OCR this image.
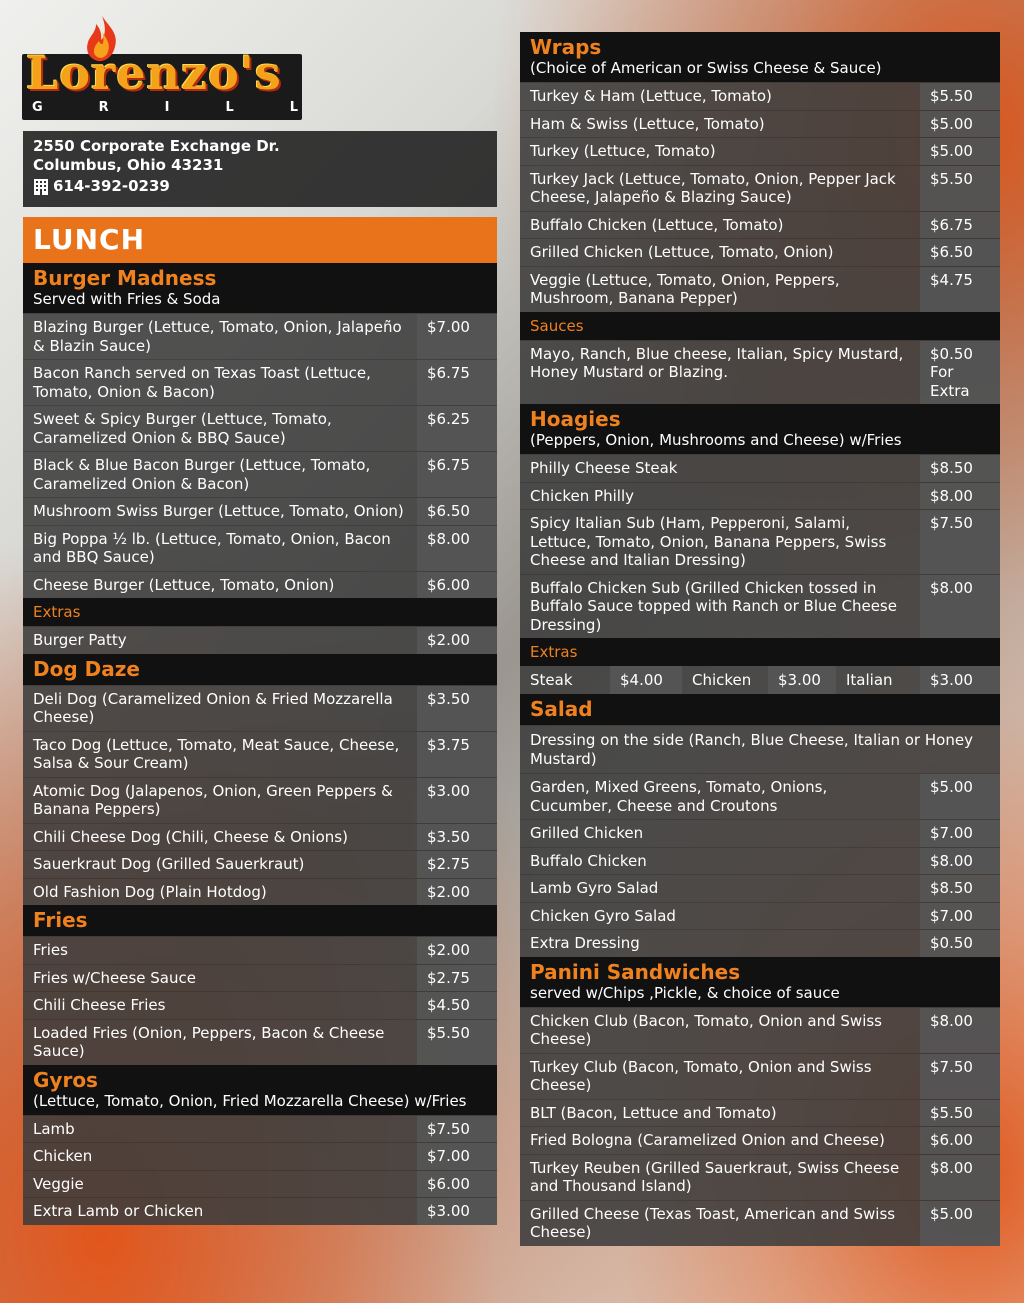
Lorenzo's
G	R	I	L	L
2550 Corporate Exchange Dr.
Columbus, Ohio 43231
614-392-0239
LUNCH
Burger Madness
Served with Fries & Soda
Blazing Burger (Lettuce, Tomato, Onion, Jalapeño & Blazin Sauce)
$7.00
Bacon Ranch served on Texas Toast (Lettuce, Tomato, Onion & Bacon)
$6.75
Sweet & Spicy Burger (Lettuce, Tomato, Caramelized Onion & BBQ Sauce)
$6.25
Black & Blue Bacon Burger (Lettuce, Tomato, Caramelized Onion & Bacon)
$6.75
Mushroom Swiss Burger (Lettuce, Tomato, Onion)	$6.50
Big Poppa ½ lb. (Lettuce, Tomato, Onion, Bacon and BBQ Sauce)
$8.00
Cheese Burger (Lettuce, Tomato, Onion)	$6.00
Extras
Burger Patty	$2.00
Dog Daze
Deli Dog (Caramelized Onion & Fried Mozzarella Cheese)
$3.50
Taco Dog (Lettuce, Tomato, Meat Sauce, Cheese, Salsa & Sour Cream)
$3.75
Atomic Dog (Jalapenos, Onion, Green Peppers & Banana Peppers)
$3.00
Chili Cheese Dog (Chili, Cheese & Onions)	$3.50
Sauerkraut Dog (Grilled Sauerkraut)	$2.75
Old Fashion Dog (Plain Hotdog)	$2.00
Fries
Fries	$2.00
Fries w/Cheese Sauce	$2.75
Chili Cheese Fries	$4.50
Loaded Fries (Onion, Peppers, Bacon & Cheese Sauce)
$5.50
Gyros
(Lettuce, Tomato, Onion, Fried Mozzarella Cheese) w/Fries
Lamb	$7.50
Chicken	$7.00
Veggie	$6.00
Extra Lamb or Chicken	$3.00
Wraps
(Choice of American or Swiss Cheese & Sauce)
Turkey & Ham (Lettuce, Tomato)	$5.50
Ham & Swiss (Lettuce, Tomato)	$5.00
Turkey (Lettuce, Tomato)	$5.00
Turkey Jack (Lettuce, Tomato, Onion, Pepper Jack Cheese, Jalapeño & Blazing Sauce)
$5.50
Buffalo Chicken (Lettuce, Tomato)	$6.75
Grilled Chicken (Lettuce, Tomato, Onion)	$6.50
Veggie (Lettuce, Tomato, Onion, Peppers, Mushroom, Banana Pepper)
$4.75
Sauces
Mayo, Ranch, Blue cheese, Italian, Spicy Mustard, Honey Mustard or Blazing.
$0.50 For Extra
Hoagies
(Peppers, Onion, Mushrooms and Cheese) w/Fries
Philly Cheese Steak	$8.50
Chicken Philly	$8.00
Spicy Italian Sub (Ham, Pepperoni, Salami, Lettuce, Tomato, Onion, Banana Peppers, Swiss Cheese and Italian Dressing)
$7.50
Buffalo Chicken Sub (Grilled Chicken tossed in Buffalo Sauce topped with Ranch or Blue Cheese Dressing)
$8.00
Extras
Steak	$4.00	Chicken	$3.00	Italian	$3.00
Salad
Dressing on the side (Ranch, Blue Cheese, Italian or Honey Mustard)
Garden, Mixed Greens, Tomato, Onions, Cucumber, Cheese and Croutons
$5.00
Grilled Chicken	$7.00
Buffalo Chicken	$8.00
Lamb Gyro Salad	$8.50
Chicken Gyro Salad	$7.00
Extra Dressing	$0.50
Panini Sandwiches
served w/Chips ,Pickle, & choice of sauce
Chicken Club (Bacon, Tomato, Onion and Swiss Cheese)
$8.00
Turkey Club (Bacon, Tomato, Onion and Swiss Cheese)
$7.50
BLT (Bacon, Lettuce and Tomato)	$5.50
Fried Bologna (Caramelized Onion and Cheese)	$6.00
Turkey Reuben (Grilled Sauerkraut, Swiss Cheese and Thousand Island)
$8.00
Grilled Cheese (Texas Toast, American and Swiss Cheese)
$5.00
